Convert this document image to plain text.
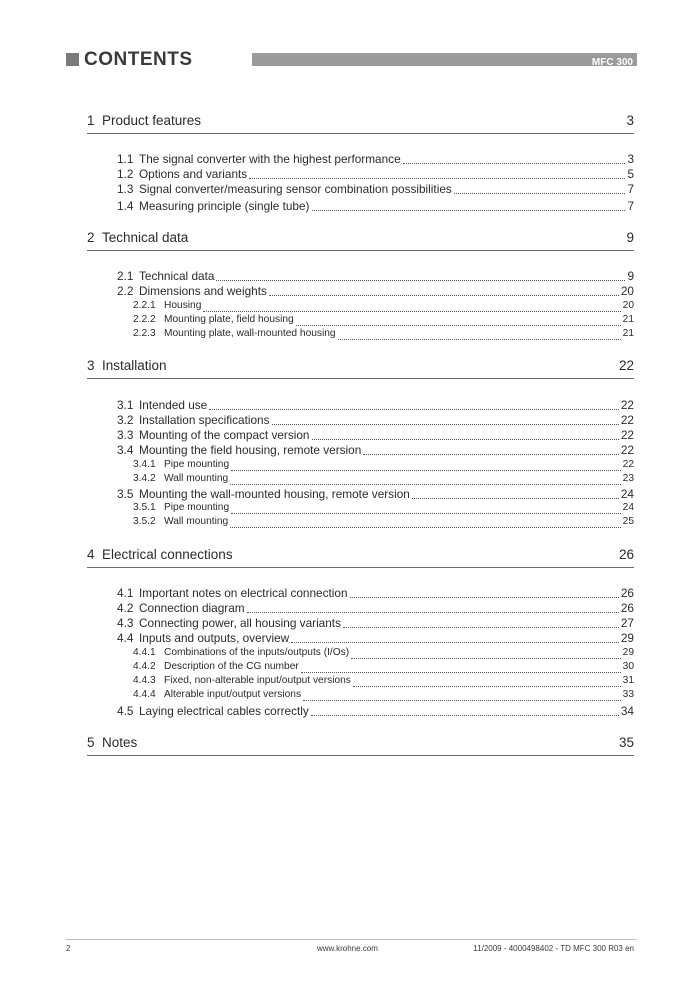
CONTENTS	MFC 300
1 Product features	3
1.1 The signal converter with the highest performance	3
1.2 Options and variants	5
1.3 Signal converter/measuring sensor combination possibilities	7
1.4 Measuring principle (single tube)	7
2 Technical data	9
2.1 Technical data	9
2.2 Dimensions and weights	20
2.2.1 Housing	20
2.2.2 Mounting plate, field housing	21
2.2.3 Mounting plate, wall-mounted housing	21
3 Installation	22
3.1 Intended use	22
3.2 Installation specifications	22
3.3 Mounting of the compact version	22
3.4 Mounting the field housing, remote version	22
3.4.1 Pipe mounting	22
3.4.2 Wall mounting	23
3.5 Mounting the wall-mounted housing, remote version	24
3.5.1 Pipe mounting	24
3.5.2 Wall mounting	25
4 Electrical connections	26
4.1 Important notes on electrical connection	26
4.2 Connection diagram	26
4.3 Connecting power, all housing variants	27
4.4 Inputs and outputs, overview	29
4.4.1 Combinations of the inputs/outputs (I/Os)	29
4.4.2 Description of the CG number	30
4.4.3 Fixed, non-alterable input/output versions	31
4.4.4 Alterable input/output versions	33
4.5 Laying electrical cables correctly	34
5 Notes	35
2	www.krohne.com	11/2009 - 4000498402 - TD MFC 300 R03 en
